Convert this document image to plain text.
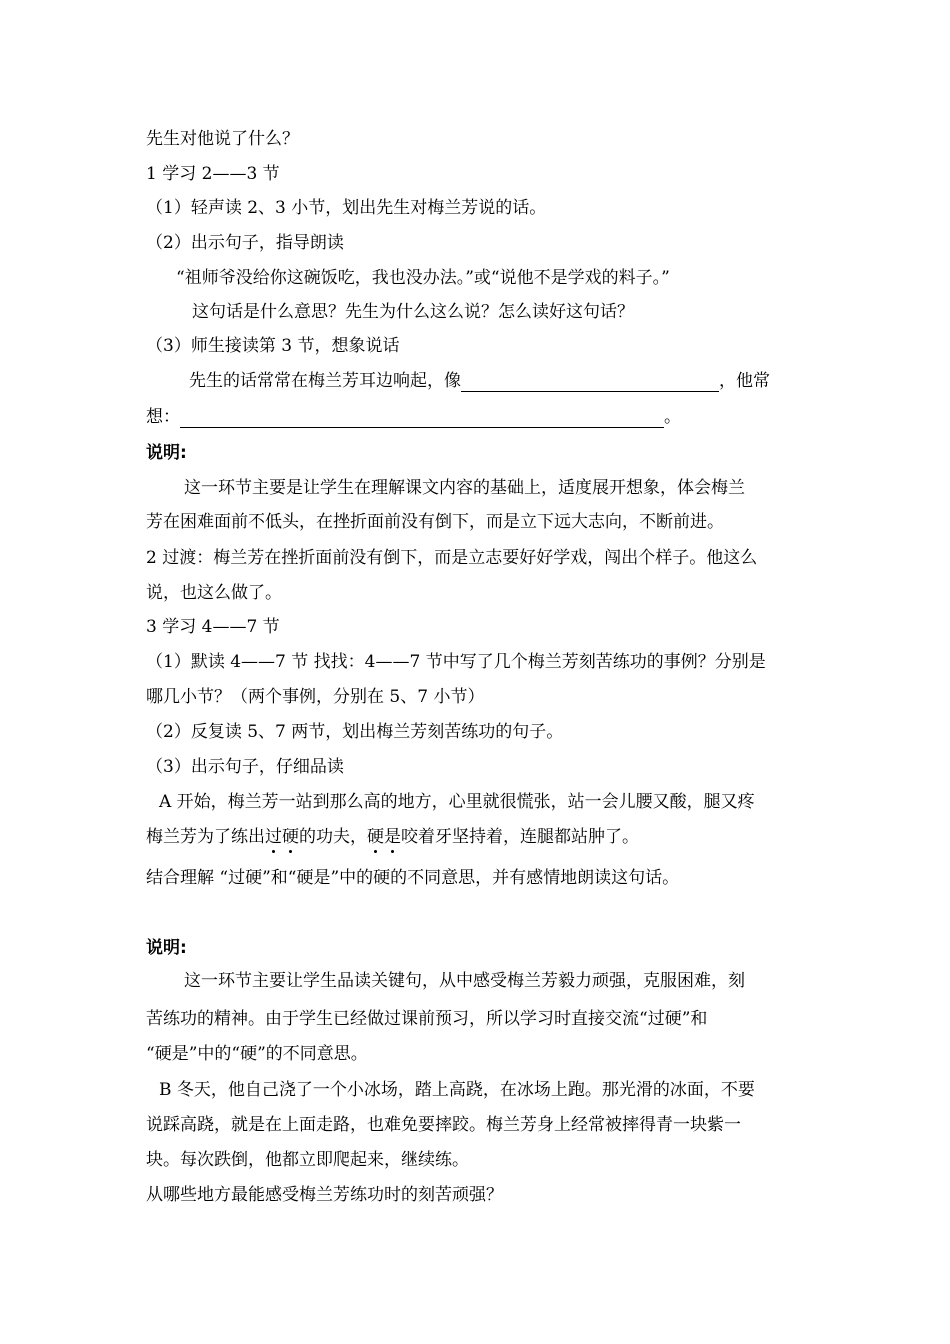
先生对他说了什么？
1 学习 2——3 节
（1）轻声读 2、3 小节，划出先生对梅兰芳说的话。
（2）出示句子，指导朗读
“祖师爷没给你这碗饭吃，我也没办法。”或“说他不是学戏的料子。”
这句话是什么意思？先生为什么这么说？怎么读好这句话？
（3）师生接读第 3 节，想象说话
先生的话常常在梅兰芳耳边响起，像	，他常
想：	。
说明:
这一环节主要是让学生在理解课文内容的基础上，适度展开想象，体会梅兰
芳在困难面前不低头，在挫折面前没有倒下，而是立下远大志向，不断前进。
2 过渡：梅兰芳在挫折面前没有倒下，而是立志要好好学戏，闯出个样子。他这么
说，也这么做了。
3 学习 4——7 节
（1）默读 4——7 节 找找：4——7 节中写了几个梅兰芳刻苦练功的事例？分别是
哪几小节？（两个事例，分别在 5、7 小节）
（2）反复读 5、7 两节，划出梅兰芳刻苦练功的句子。
（3）出示句子，仔细品读
A 开始，梅兰芳一站到那么高的地方，心里就很慌张，站一会儿腰又酸，腿又疼
梅兰芳为了练出过硬的功夫，硬是咬着牙坚持着，连腿都站肿了。
结合理解 “过硬”和“硬是”中的硬的不同意思，并有感情地朗读这句话。
说明:
这一环节主要让学生品读关键句，从中感受梅兰芳毅力顽强，克服困难，刻
苦练功的精神。由于学生已经做过课前预习，所以学习时直接交流“过硬”和
“硬是”中的“硬”的不同意思。
B 冬天，他自己浇了一个小冰场，踏上高跷，在冰场上跑。那光滑的冰面，不要
说踩高跷，就是在上面走路，也难免要摔跤。梅兰芳身上经常被摔得青一块紫一
块。每次跌倒，他都立即爬起来，继续练。
从哪些地方最能感受梅兰芳练功时的刻苦顽强？
